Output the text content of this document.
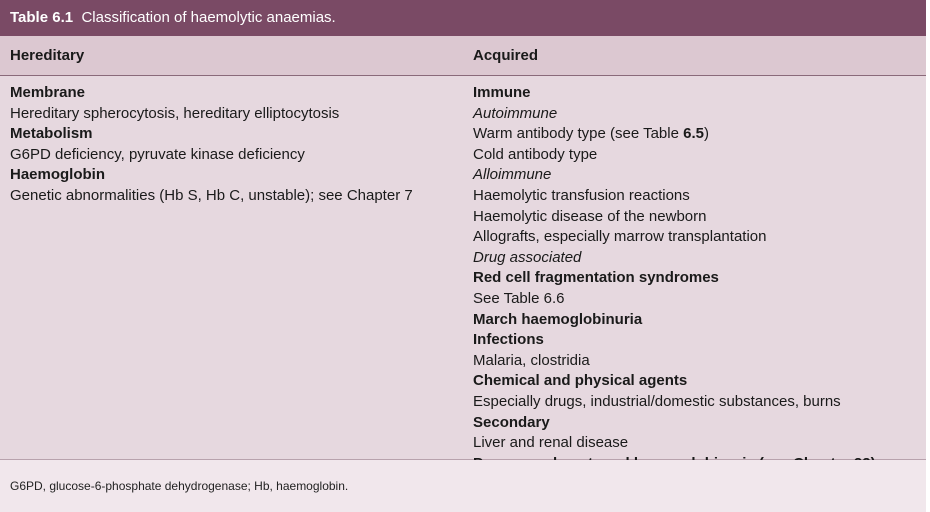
Table 6.1 Classification of haemolytic anaemias.
Hereditary	Acquired
Membrane
Hereditary spherocytosis, hereditary elliptocytosis
Metabolism
G6PD deficiency, pyruvate kinase deficiency
Haemoglobin
Genetic abnormalities (Hb S, Hb C, unstable); see Chapter 7
Immune
Autoimmune
Warm antibody type (see Table 6.5)
Cold antibody type
Alloimmune
Haemolytic transfusion reactions
Haemolytic disease of the newborn
Allografts, especially marrow transplantation
Drug associated
Red cell fragmentation syndromes
See Table 6.6
March haemoglobinuria
Infections
Malaria, clostridia
Chemical and physical agents
Especially drugs, industrial/domestic substances, burns
Secondary
Liver and renal disease
G6PD, glucose-6-phosphate dehydrogenase; Hb, haemoglobin.
